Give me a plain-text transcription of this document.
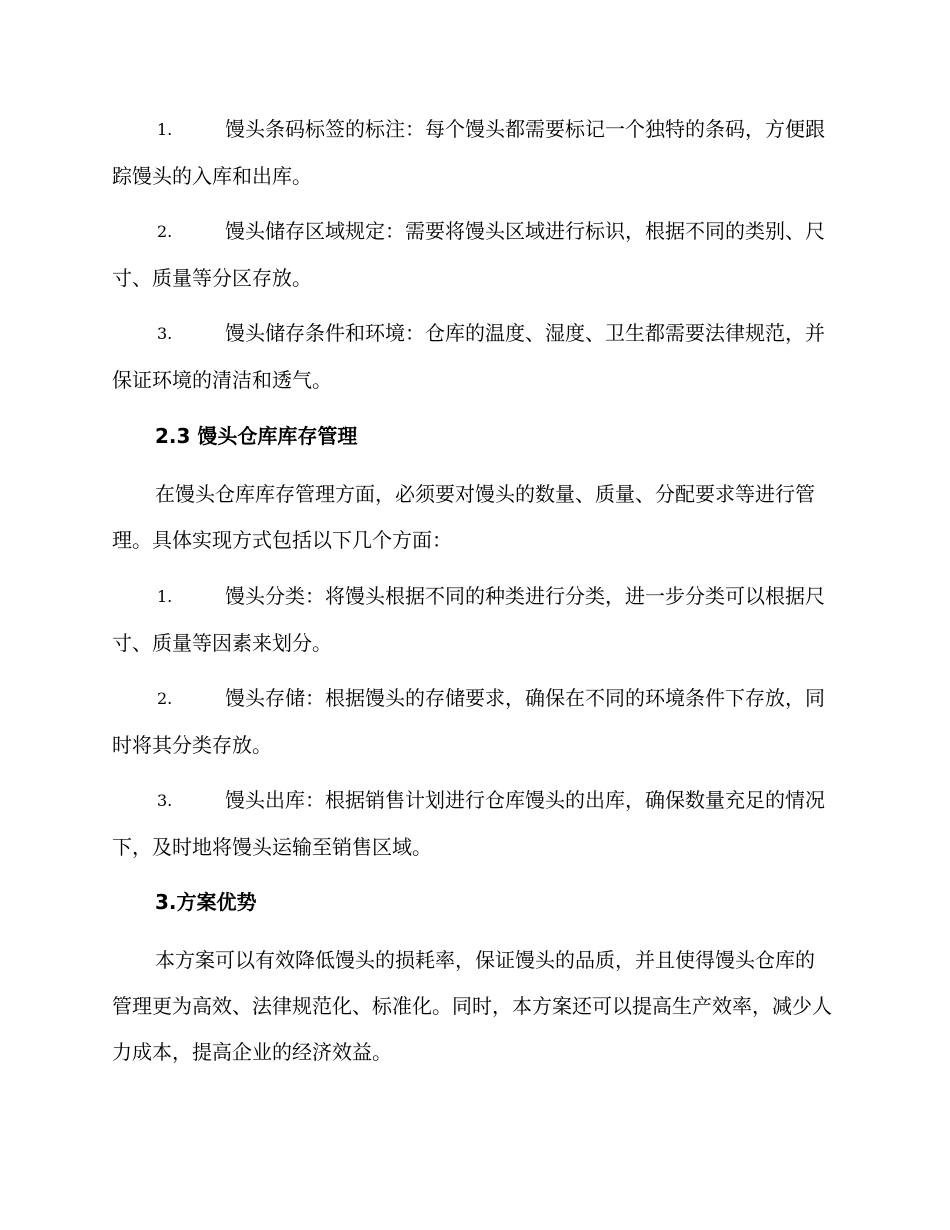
1.	馒头条码标签的标注：每个馒头都需要标记一个独特的条码，方便跟踪馒头的入库和出库。

2.	馒头储存区域规定：需要将馒头区域进行标识，根据不同的类别、尺寸、质量等分区存放。

3.	馒头储存条件和环境：仓库的温度、湿度、卫生都需要法律规范，并保证环境的清洁和透气。

2.3 馒头仓库库存管理

在馒头仓库库存管理方面，必须要对馒头的数量、质量、分配要求等进行管理。具体实现方式包括以下几个方面：

1.	馒头分类：将馒头根据不同的种类进行分类，进一步分类可以根据尺寸、质量等因素来划分。

2.	馒头存储：根据馒头的存储要求，确保在不同的环境条件下存放，同时将其分类存放。

3.	馒头出库：根据销售计划进行仓库馒头的出库，确保数量充足的情况下，及时地将馒头运输至销售区域。

3.方案优势

本方案可以有效降低馒头的损耗率，保证馒头的品质，并且使得馒头仓库的管理更为高效、法律规范化、标准化。同时，本方案还可以提高生产效率，减少人力成本，提高企业的经济效益。
